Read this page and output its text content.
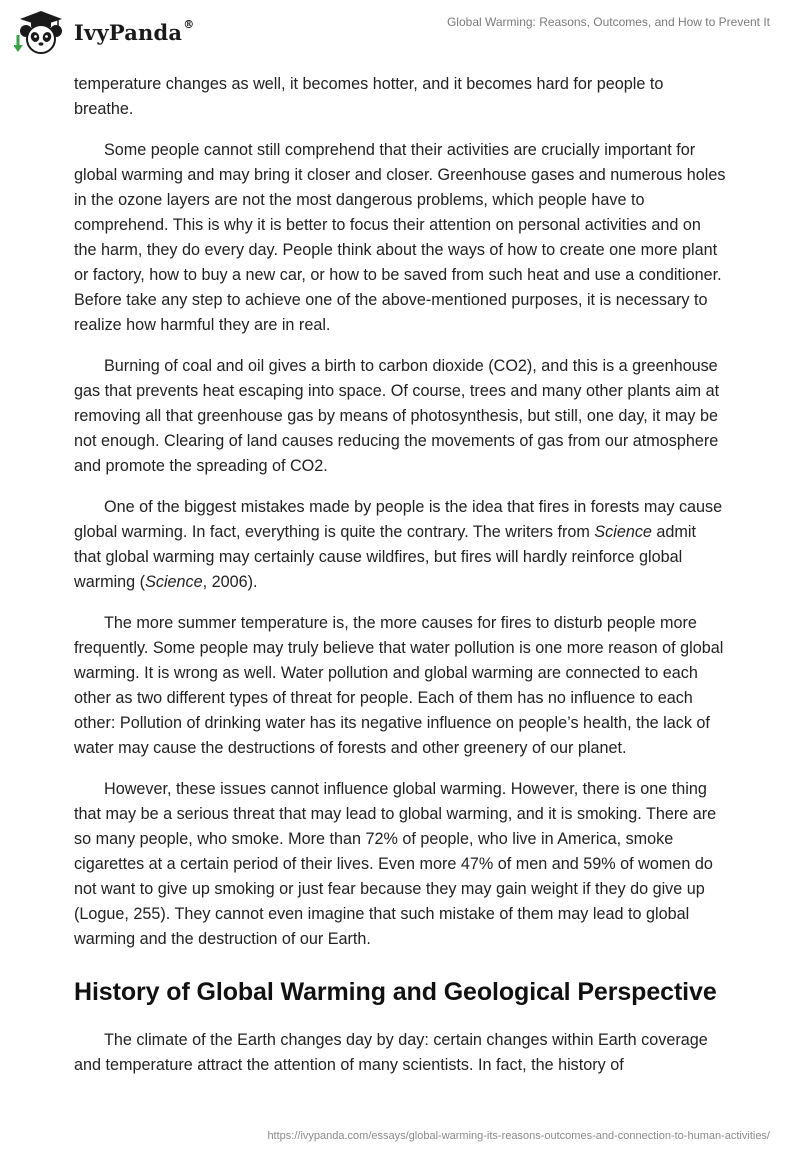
IvyPanda®	Global Warming: Reasons, Outcomes, and How to Prevent It

temperature changes as well, it becomes hotter, and it becomes hard for people to breathe.

Some people cannot still comprehend that their activities are crucially important for global warming and may bring it closer and closer. Greenhouse gases and numerous holes in the ozone layers are not the most dangerous problems, which people have to comprehend. This is why it is better to focus their attention on personal activities and on the harm, they do every day. People think about the ways of how to create one more plant or factory, how to buy a new car, or how to be saved from such heat and use a conditioner. Before take any step to achieve one of the above-mentioned purposes, it is necessary to realize how harmful they are in real.

Burning of coal and oil gives a birth to carbon dioxide (CO2), and this is a greenhouse gas that prevents heat escaping into space. Of course, trees and many other plants aim at removing all that greenhouse gas by means of photosynthesis, but still, one day, it may be not enough. Clearing of land causes reducing the movements of gas from our atmosphere and promote the spreading of CO2.

One of the biggest mistakes made by people is the idea that fires in forests may cause global warming. In fact, everything is quite the contrary. The writers from Science admit that global warming may certainly cause wildfires, but fires will hardly reinforce global warming (Science, 2006).

The more summer temperature is, the more causes for fires to disturb people more frequently. Some people may truly believe that water pollution is one more reason of global warming. It is wrong as well. Water pollution and global warming are connected to each other as two different types of threat for people. Each of them has no influence to each other: Pollution of drinking water has its negative influence on people’s health, the lack of water may cause the destructions of forests and other greenery of our planet.

However, these issues cannot influence global warming. However, there is one thing that may be a serious threat that may lead to global warming, and it is smoking. There are so many people, who smoke. More than 72% of people, who live in America, smoke cigarettes at a certain period of their lives. Even more 47% of men and 59% of women do not want to give up smoking or just fear because they may gain weight if they do give up (Logue, 255). They cannot even imagine that such mistake of them may lead to global warming and the destruction of our Earth.

History of Global Warming and Geological Perspective

The climate of the Earth changes day by day: certain changes within Earth coverage and temperature attract the attention of many scientists. In fact, the history of

https://ivypanda.com/essays/global-warming-its-reasons-outcomes-and-connection-to-human-activities/
